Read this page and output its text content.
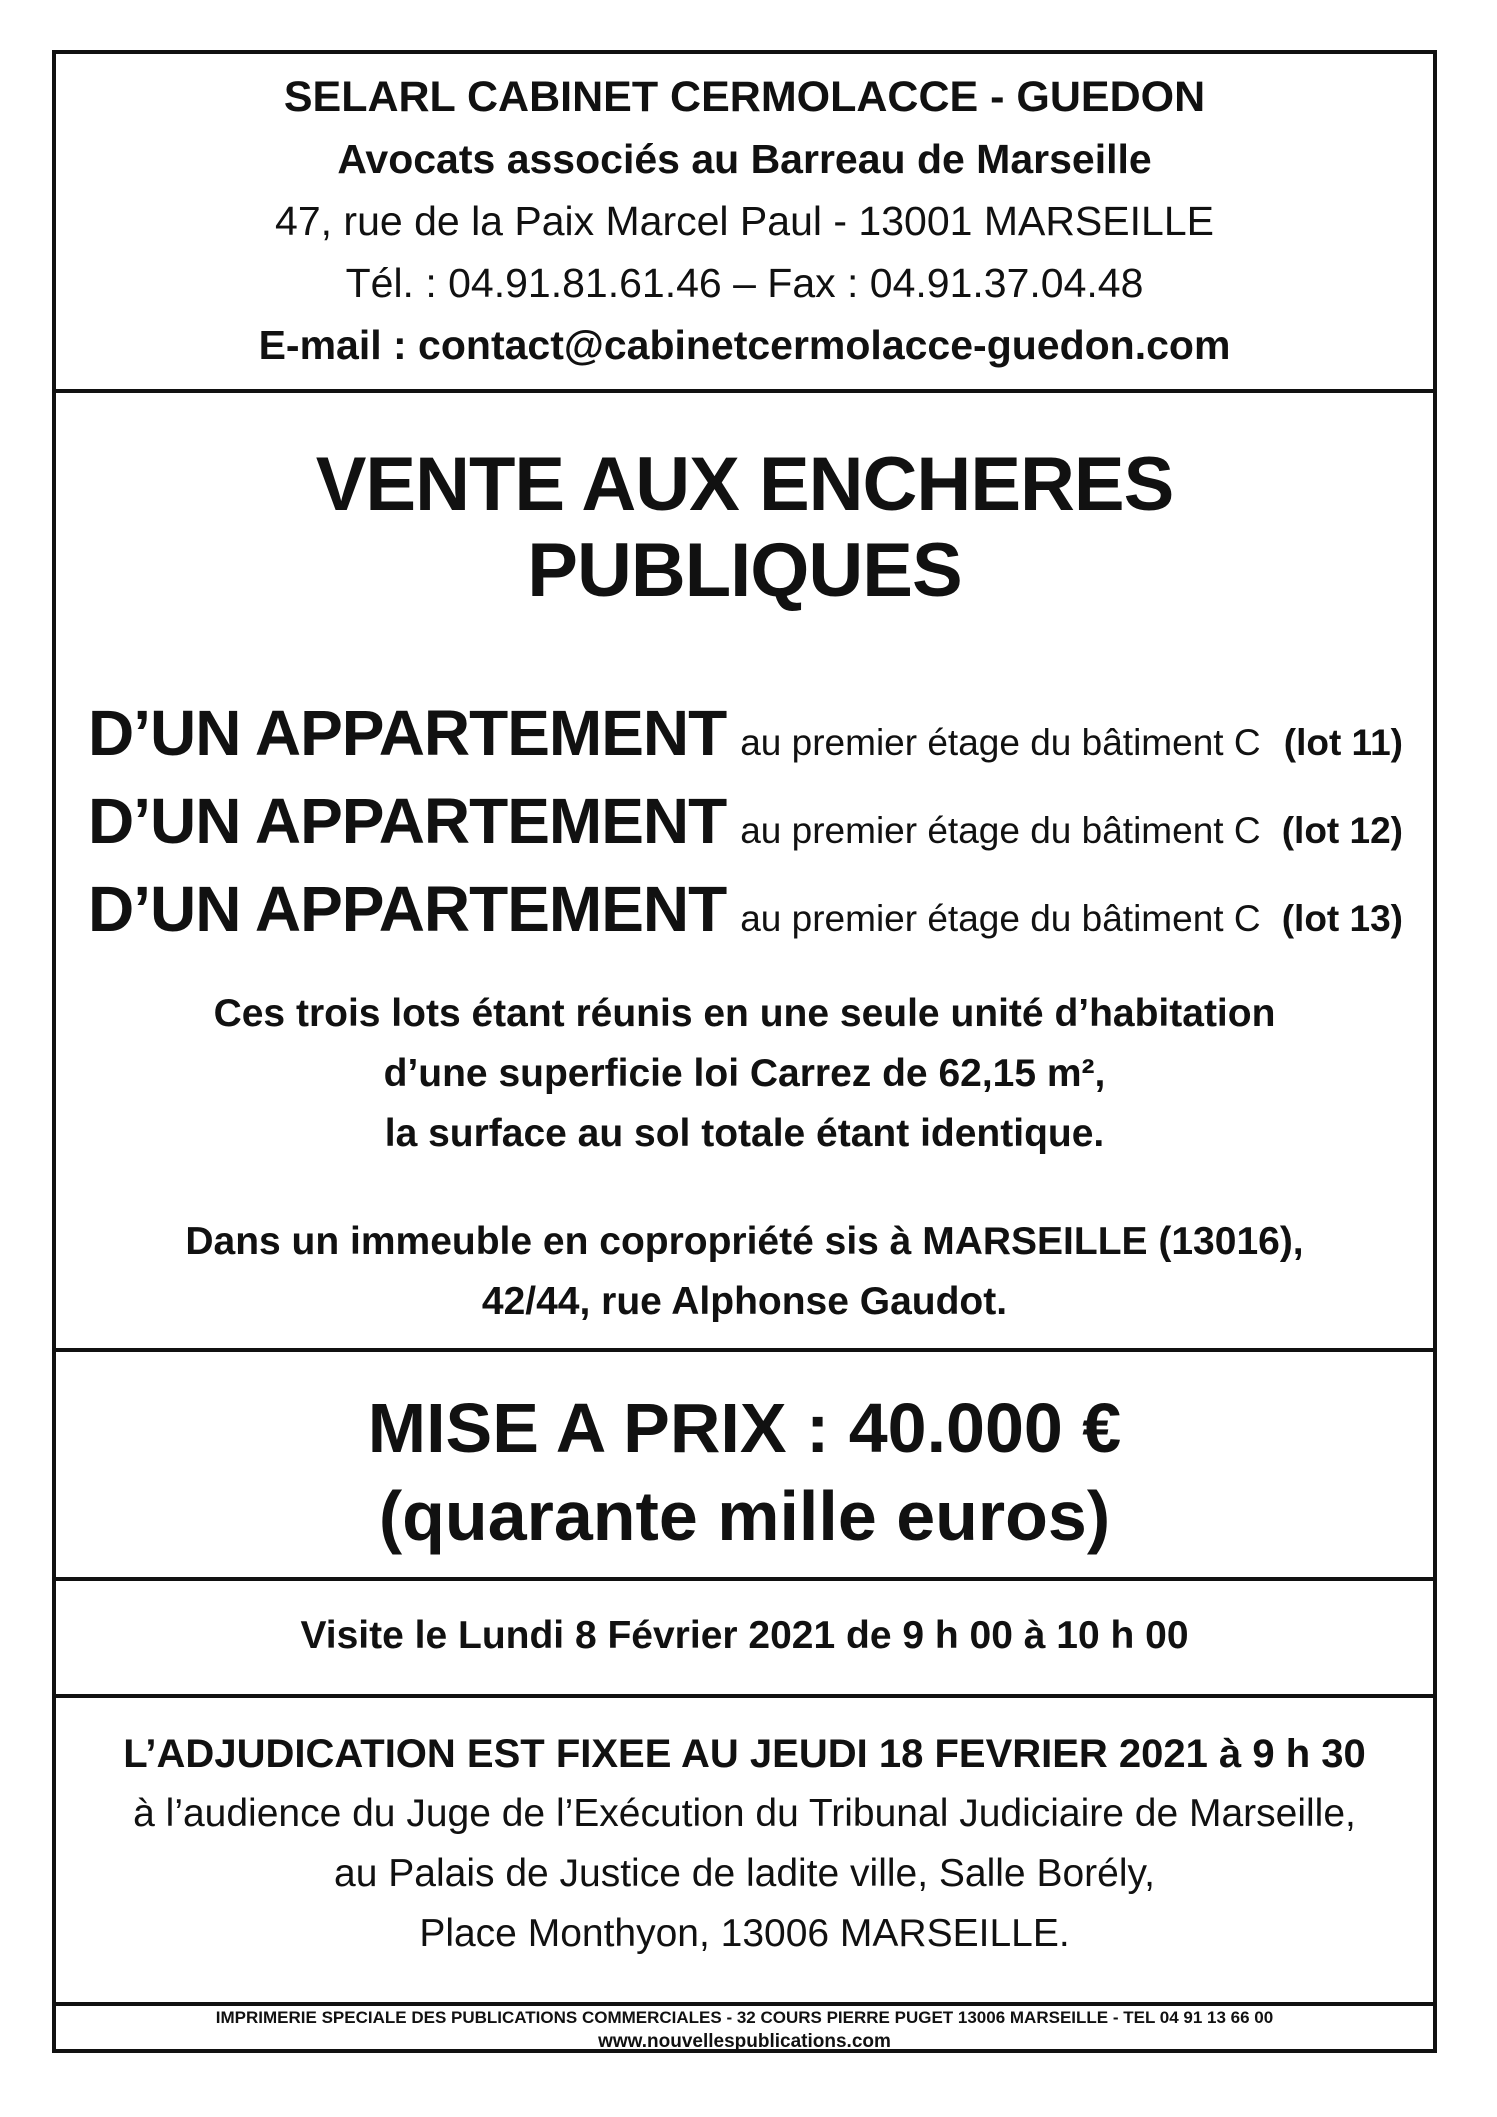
SELARL CABINET CERMOLACCE - GUEDON
Avocats associés au Barreau de Marseille
47, rue de la Paix Marcel Paul - 13001 MARSEILLE
Tél. : 04.91.81.61.46 – Fax : 04.91.37.04.48
E-mail : contact@cabinetcermolacce-guedon.com
VENTE AUX ENCHERES
PUBLIQUES
D’UN APPARTEMENT au premier étage du bâtiment C (lot 11)
D’UN APPARTEMENT au premier étage du bâtiment C (lot 12)
D’UN APPARTEMENT au premier étage du bâtiment C (lot 13)
Ces trois lots étant réunis en une seule unité d’habitation
d’une superficie loi Carrez de 62,15 m²,
la surface au sol totale étant identique.
Dans un immeuble en copropriété sis à MARSEILLE (13016),
42/44, rue Alphonse Gaudot.
MISE A PRIX : 40.000 €
(quarante mille euros)
Visite le Lundi 8 Février 2021 de 9 h 00 à 10 h 00
L’ADJUDICATION EST FIXEE AU JEUDI 18 FEVRIER 2021 à 9 h 30
à l’audience du Juge de l’Exécution du Tribunal Judiciaire de Marseille,
au Palais de Justice de ladite ville, Salle Borély,
Place Monthyon, 13006 MARSEILLE.
IMPRIMERIE SPECIALE DES PUBLICATIONS COMMERCIALES - 32 COURS PIERRE PUGET 13006 MARSEILLE - TEL 04 91 13 66 00
www.nouvellespublications.com
